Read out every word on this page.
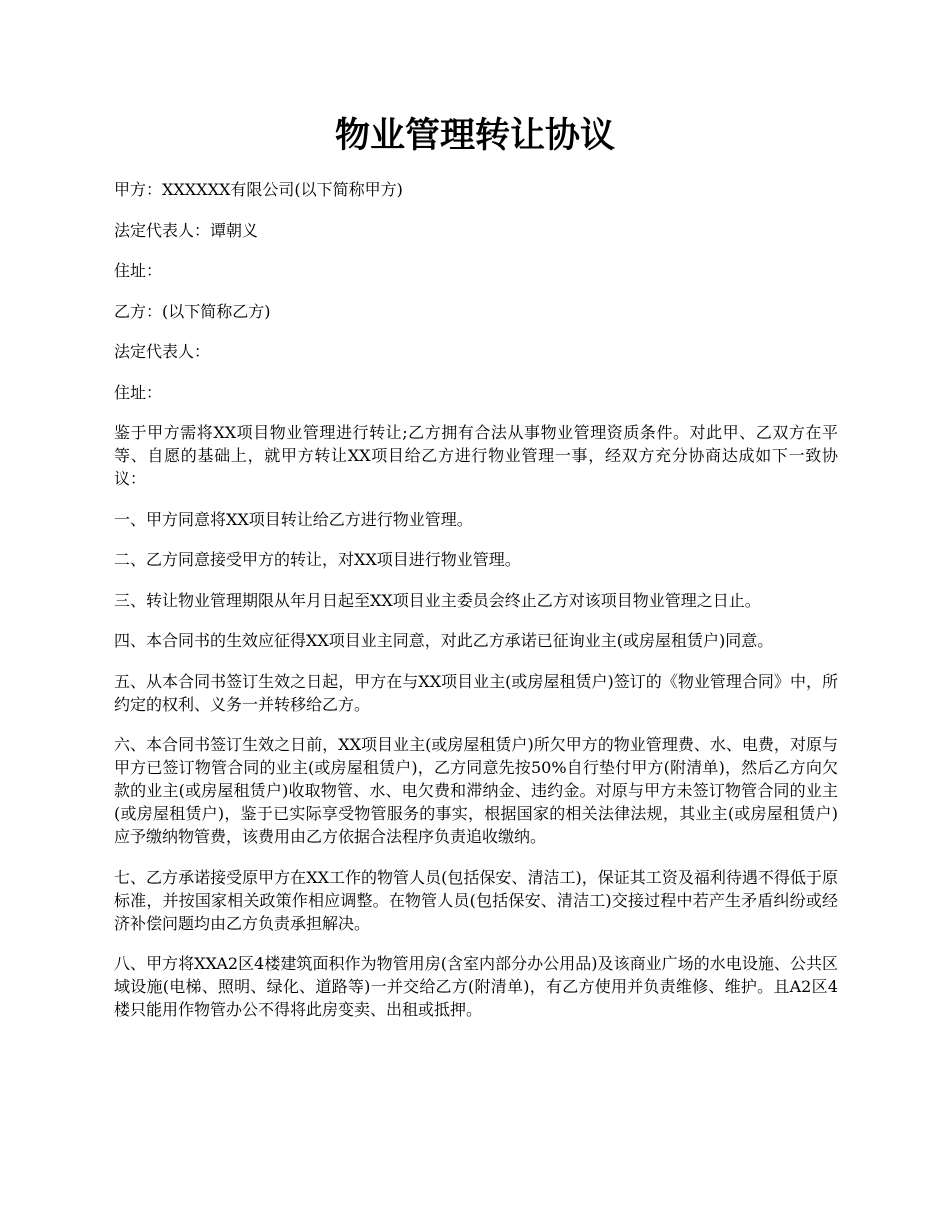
物业管理转让协议

甲方：XXXXXX有限公司(以下简称甲方)

法定代表人：谭朝义

住址：

乙方：(以下简称乙方)

法定代表人：

住址：

鉴于甲方需将XX项目物业管理进行转让;乙方拥有合法从事物业管理资质条件。对此甲、乙双方在平等、自愿的基础上，就甲方转让XX项目给乙方进行物业管理一事，经双方充分协商达成如下一致协议：

一、甲方同意将XX项目转让给乙方进行物业管理。

二、乙方同意接受甲方的转让，对XX项目进行物业管理。

三、转让物业管理期限从年月日起至XX项目业主委员会终止乙方对该项目物业管理之日止。

四、本合同书的生效应征得XX项目业主同意，对此乙方承诺已征询业主(或房屋租赁户)同意。

五、从本合同书签订生效之日起，甲方在与XX项目业主(或房屋租赁户)签订的《物业管理合同》中，所约定的权利、义务一并转移给乙方。

六、本合同书签订生效之日前，XX项目业主(或房屋租赁户)所欠甲方的物业管理费、水、电费，对原与甲方已签订物管合同的业主(或房屋租赁户)，乙方同意先按50%自行垫付甲方(附清单)，然后乙方向欠款的业主(或房屋租赁户)收取物管、水、电欠费和滞纳金、违约金。对原与甲方未签订物管合同的业主(或房屋租赁户)，鉴于已实际享受物管服务的事实，根据国家的相关法律法规，其业主(或房屋租赁户)应予缴纳物管费，该费用由乙方依据合法程序负责追收缴纳。

七、乙方承诺接受原甲方在XX工作的物管人员(包括保安、清洁工)，保证其工资及福利待遇不得低于原标准，并按国家相关政策作相应调整。在物管人员(包括保安、清洁工)交接过程中若产生矛盾纠纷或经济补偿问题均由乙方负责承担解决。

八、甲方将XXA2区4楼建筑面积作为物管用房(含室内部分办公用品)及该商业广场的水电设施、公共区域设施(电梯、照明、绿化、道路等)一并交给乙方(附清单)，有乙方使用并负责维修、维护。且A2区4楼只能用作物管办公不得将此房变卖、出租或抵押。
